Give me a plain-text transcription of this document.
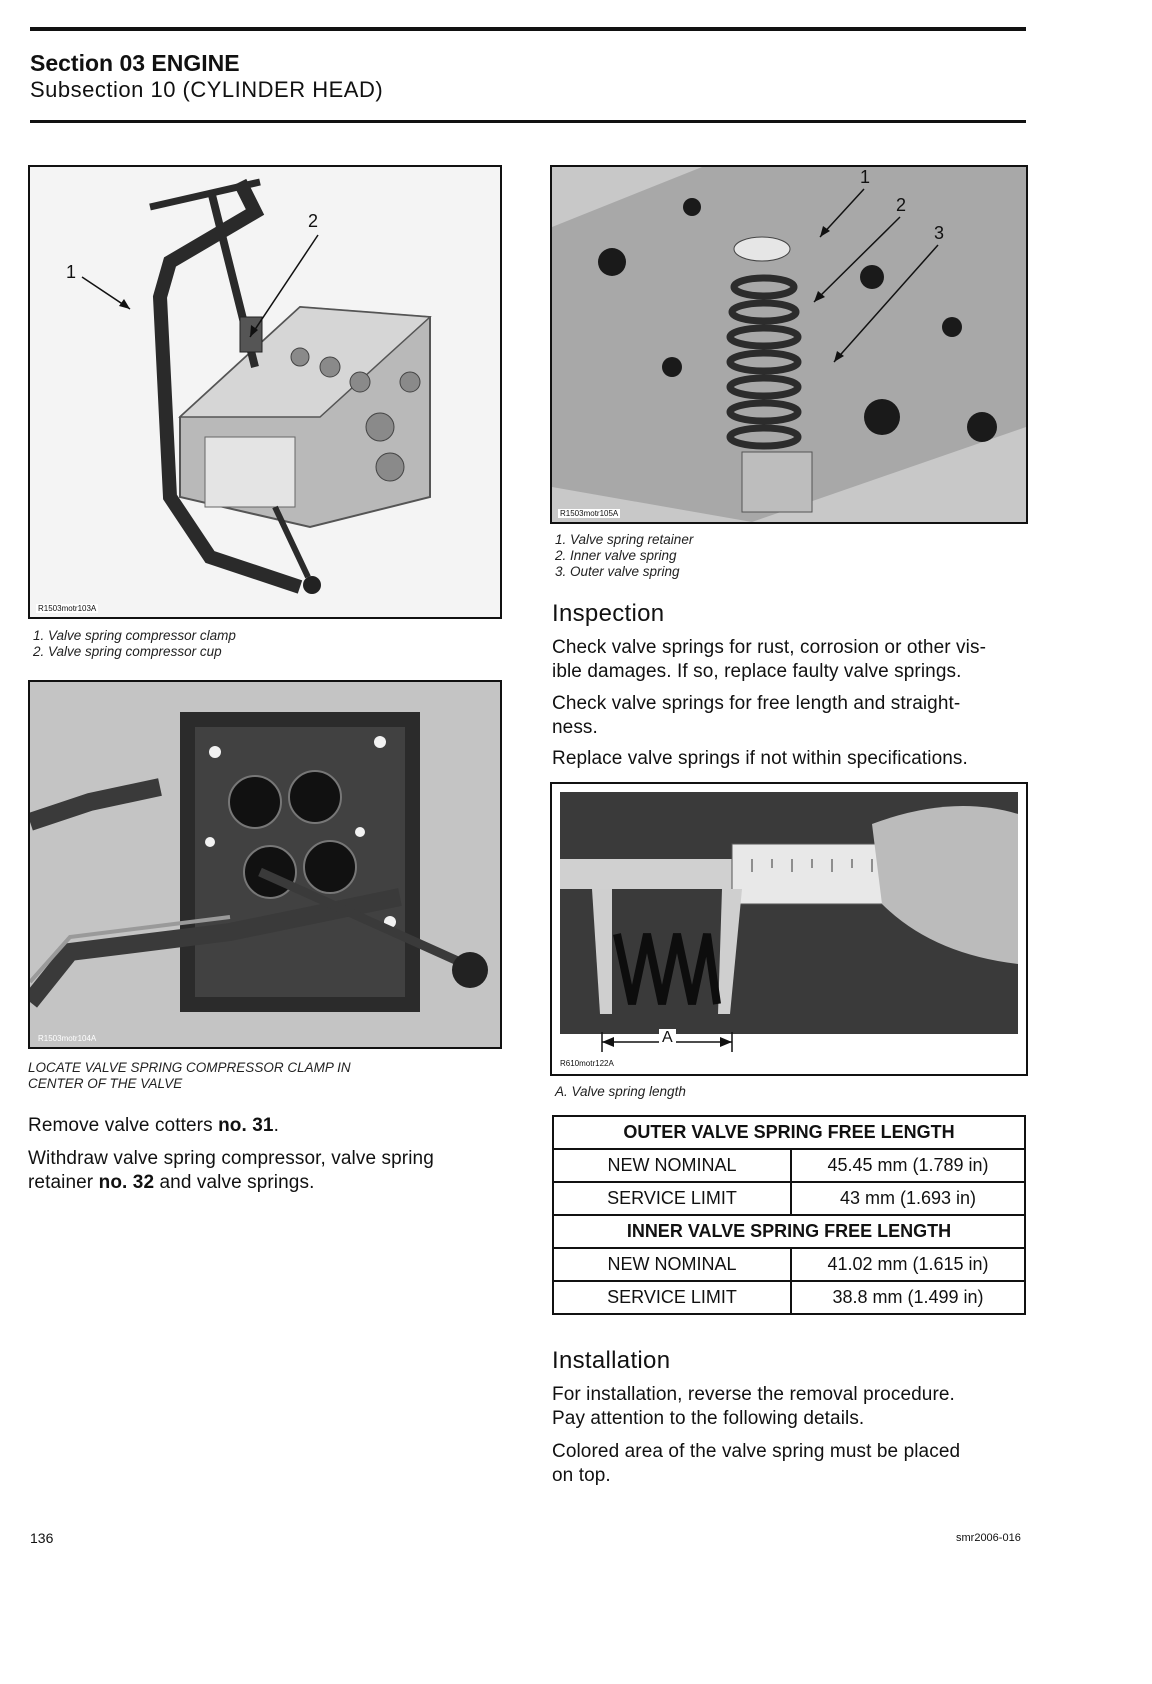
Section 03 ENGINE
Subsection 10 (CYLINDER HEAD)
1
2
R1503motr103A
1. Valve spring compressor clamp
2. Valve spring compressor cup
R1503motr104A
LOCATE VALVE SPRING COMPRESSOR CLAMP IN
CENTER OF THE VALVE
Remove valve cotters no. 31.
Withdraw valve spring compressor, valve spring
retainer no. 32 and valve springs.
1
2
3
R1503motr105A
1. Valve spring retainer
2. Inner valve spring
3. Outer valve spring
Inspection
Check valve springs for rust, corrosion or other vis-
ible damages. If so, replace faulty valve springs.
Check valve springs for free length and straight-
ness.
Replace valve springs if not within specifications.
A
R610motr122A
A. Valve spring length
OUTER VALVE SPRING FREE LENGTH	
NEW NOMINAL	45.45 mm (1.789 in)
SERVICE LIMIT	43 mm (1.693 in)
INNER VALVE SPRING FREE LENGTH	
NEW NOMINAL	41.02 mm (1.615 in)
SERVICE LIMIT	38.8 mm (1.499 in)
Installation
For installation, reverse the removal procedure.
Pay attention to the following details.
Colored area of the valve spring must be placed
on top.
136	smr2006-016
